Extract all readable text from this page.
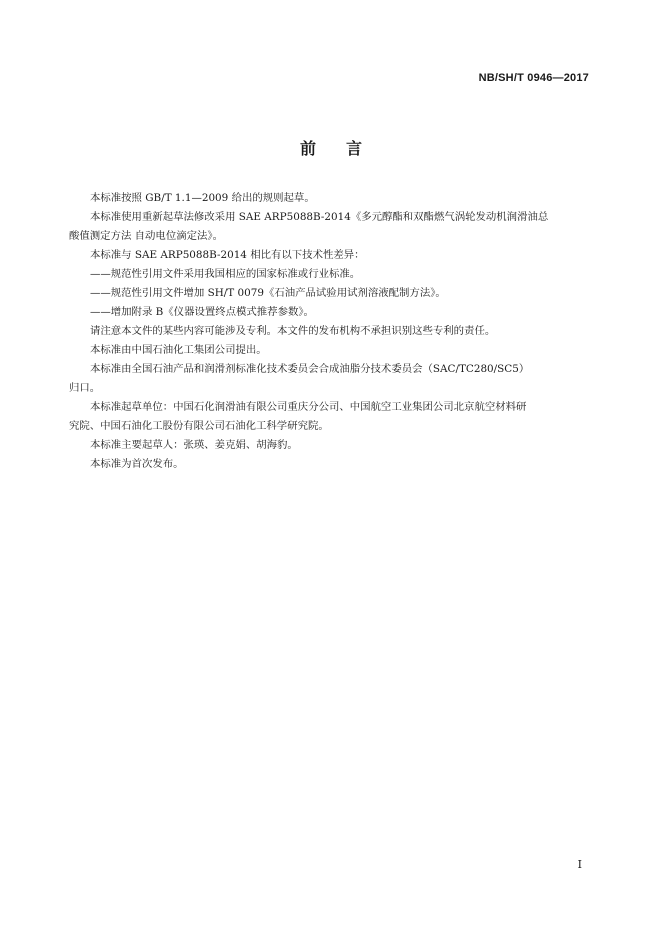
NB/SH/T 0946—2017
前言

本标准按照 GB/T 1.1—2009 给出的规则起草。

本标准使用重新起草法修改采用 SAE ARP5088B-2014《多元醇酯和双酯燃气涡轮发动机润滑油总
酸值测定方法 自动电位滴定法》。

本标准与 SAE ARP5088B-2014 相比有以下技术性差异：

——规范性引用文件采用我国相应的国家标准或行业标准。

——规范性引用文件增加 SH/T 0079《石油产品试验用试剂溶液配制方法》。

——增加附录 B《仪器设置终点模式推荐参数》。

请注意本文件的某些内容可能涉及专利。本文件的发布机构不承担识别这些专利的责任。

本标准由中国石油化工集团公司提出。

本标准由全国石油产品和润滑剂标准化技术委员会合成油脂分技术委员会（SAC/TC280/SC5）
归口。

本标准起草单位：中国石化润滑油有限公司重庆分公司、中国航空工业集团公司北京航空材料研
究院、中国石油化工股份有限公司石油化工科学研究院。

本标准主要起草人：张瑛、姜克娟、胡海豹。

本标准为首次发布。

I
